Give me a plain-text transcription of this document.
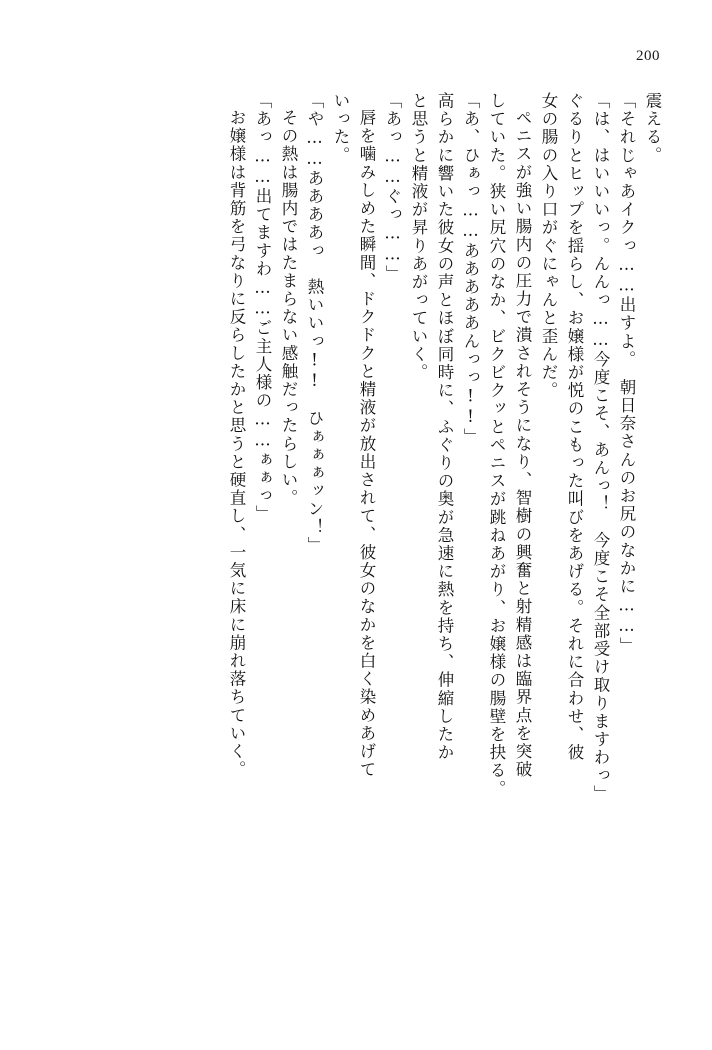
200
震える。
「それじゃあイクっ……出すよ。　朝日奈さんのお尻のなかに……」
「は、はいいいっ。んんっ……今度こそ、あんっ！　今度こそ全部受け取りますわっ」
ぐるりとヒップを揺らし、お嬢様が悦のこもった叫びをあげる。それに合わせ、彼
女の腸の入り口がぐにゃんと歪んだ。
ペニスが強い腸内の圧力で潰されそうになり、智樹の興奮と射精感は臨界点を突破
していた。狭い尻穴のなか、ビクビクッとペニスが跳ねあがり、お嬢様の腸壁を抉る。
「あ、ひぁっ……あああああんっっ!!」
高らかに響いた彼女の声とほぼ同時に、ふぐりの奥が急速に熱を持ち、伸縮したか
と思うと精液が昇りあがっていく。
「あっ……ぐっ……」
唇を噛みしめた瞬間、ドクドクと精液が放出されて、彼女のなかを白く染めあげて
いった。
「や……ああああっ　熱いいっ!!　ひぁぁぁッン！」
その熱は腸内ではたまらない感触だったらしい。
「あっ……出てますわ……ご主人様の……ぁぁっ」
お嬢様は背筋を弓なりに反らしたかと思うと硬直し、一気に床に崩れ落ちていく。
